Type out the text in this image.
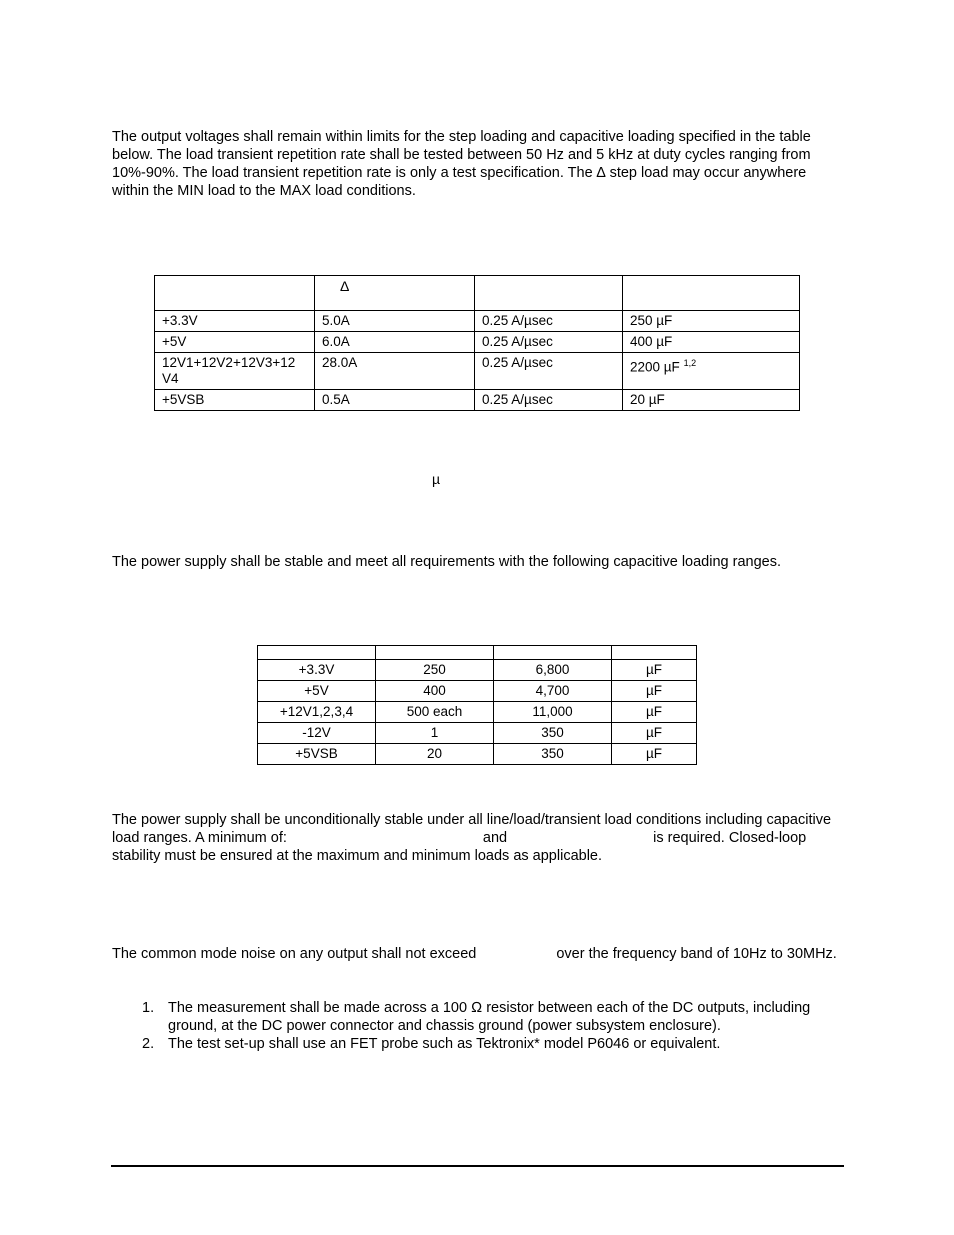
The output voltages shall remain within limits for the step loading and capacitive loading specified in the table below. The load transient repetition rate shall be tested between 50 Hz and 5 kHz at duty cycles ranging from 10%-90%. The load transient repetition rate is only a test specification. The ∆ step load may occur anywhere within the MIN load to the MAX load conditions.

Δ

+3.3V	5.0A	0.25 A/µsec	250 µF
+5V	6.0A	0.25 A/µsec	400 µF
12V1+12V2+12V3+12 V4	28.0A	0.25 A/µsec	2200 µF $^{1,2}$
+5VSB	0.5A	0.25 A/µsec	20 µF
µ

The power supply shall be stable and meet all requirements with the following capacitive loading ranges.

+3.3V	250	6,800	µF
+5V	400	4,700	µF
+12V1,2,3,4	500 each	11,000	µF
-12V	1	350	µF
+5VSB	20	350	µF

The power supply shall be unconditionally stable under all line/load/transient load conditions including capacitive load ranges. A minimum of:	and	is required. Closed-loop stability must be ensured at the maximum and minimum loads as applicable.

The common mode noise on any output shall not exceed	over the frequency band of 10Hz to 30MHz.

1. The measurement shall be made across a 100 Ω resistor between each of the DC outputs, including ground, at the DC power connector and chassis ground (power subsystem enclosure).
2. The test set-up shall use an FET probe such as Tektronix* model P6046 or equivalent.
